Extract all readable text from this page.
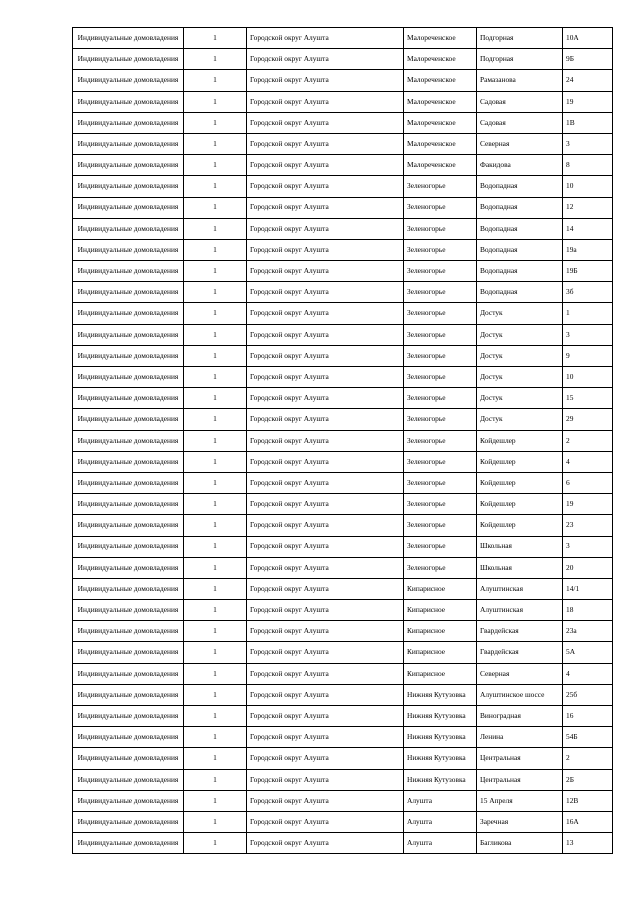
Индивидуальные домовладения	1	Городской округ Алушта	Малореченское	Подгорная	10А
Индивидуальные домовладения	1	Городской округ Алушта	Малореченское	Подгорная	9Б
Индивидуальные домовладения	1	Городской округ Алушта	Малореченское	Рамазанова	24
Индивидуальные домовладения	1	Городской округ Алушта	Малореченское	Садовая	19
Индивидуальные домовладения	1	Городской округ Алушта	Малореченское	Садовая	1В
Индивидуальные домовладения	1	Городской округ Алушта	Малореченское	Северная	3
Индивидуальные домовладения	1	Городской округ Алушта	Малореченское	Факидова	8
Индивидуальные домовладения	1	Городской округ Алушта	Зеленогорье	Водопадная	10
Индивидуальные домовладения	1	Городской округ Алушта	Зеленогорье	Водопадная	12
Индивидуальные домовладения	1	Городской округ Алушта	Зеленогорье	Водопадная	14
Индивидуальные домовладения	1	Городской округ Алушта	Зеленогорье	Водопадная	19а
Индивидуальные домовладения	1	Городской округ Алушта	Зеленогорье	Водопадная	19Б
Индивидуальные домовладения	1	Городской округ Алушта	Зеленогорье	Водопадная	3б
Индивидуальные домовладения	1	Городской округ Алушта	Зеленогорье	Достук	1
Индивидуальные домовладения	1	Городской округ Алушта	Зеленогорье	Достук	3
Индивидуальные домовладения	1	Городской округ Алушта	Зеленогорье	Достук	9
Индивидуальные домовладения	1	Городской округ Алушта	Зеленогорье	Достук	10
Индивидуальные домовладения	1	Городской округ Алушта	Зеленогорье	Достук	15
Индивидуальные домовладения	1	Городской округ Алушта	Зеленогорье	Достук	29
Индивидуальные домовладения	1	Городской округ Алушта	Зеленогорье	Койдешлер	2
Индивидуальные домовладения	1	Городской округ Алушта	Зеленогорье	Койдешлер	4
Индивидуальные домовладения	1	Городской округ Алушта	Зеленогорье	Койдешлер	6
Индивидуальные домовладения	1	Городской округ Алушта	Зеленогорье	Койдешлер	19
Индивидуальные домовладения	1	Городской округ Алушта	Зеленогорье	Койдешлер	23
Индивидуальные домовладения	1	Городской округ Алушта	Зеленогорье	Школьная	3
Индивидуальные домовладения	1	Городской округ Алушта	Зеленогорье	Школьная	20
Индивидуальные домовладения	1	Городской округ Алушта	Кипарисное	Алуштинская	14/1
Индивидуальные домовладения	1	Городской округ Алушта	Кипарисное	Алуштинская	18
Индивидуальные домовладения	1	Городской округ Алушта	Кипарисное	Гвардейская	23а
Индивидуальные домовладения	1	Городской округ Алушта	Кипарисное	Гвардейская	5А
Индивидуальные домовладения	1	Городской округ Алушта	Кипарисное	Северная	4
Индивидуальные домовладения	1	Городской округ Алушта	Нижняя Кутузовка	Алуштинское шоссе	25б
Индивидуальные домовладения	1	Городской округ Алушта	Нижняя Кутузовка	Виноградная	16
Индивидуальные домовладения	1	Городской округ Алушта	Нижняя Кутузовка	Ленина	54Б
Индивидуальные домовладения	1	Городской округ Алушта	Нижняя Кутузовка	Центральная	2
Индивидуальные домовладения	1	Городской округ Алушта	Нижняя Кутузовка	Центральная	2Б
Индивидуальные домовладения	1	Городской округ Алушта	Алушта	15 Апреля	12В
Индивидуальные домовладения	1	Городской округ Алушта	Алушта	Заречная	16А
Индивидуальные домовладения	1	Городской округ Алушта	Алушта	Багликова	13
